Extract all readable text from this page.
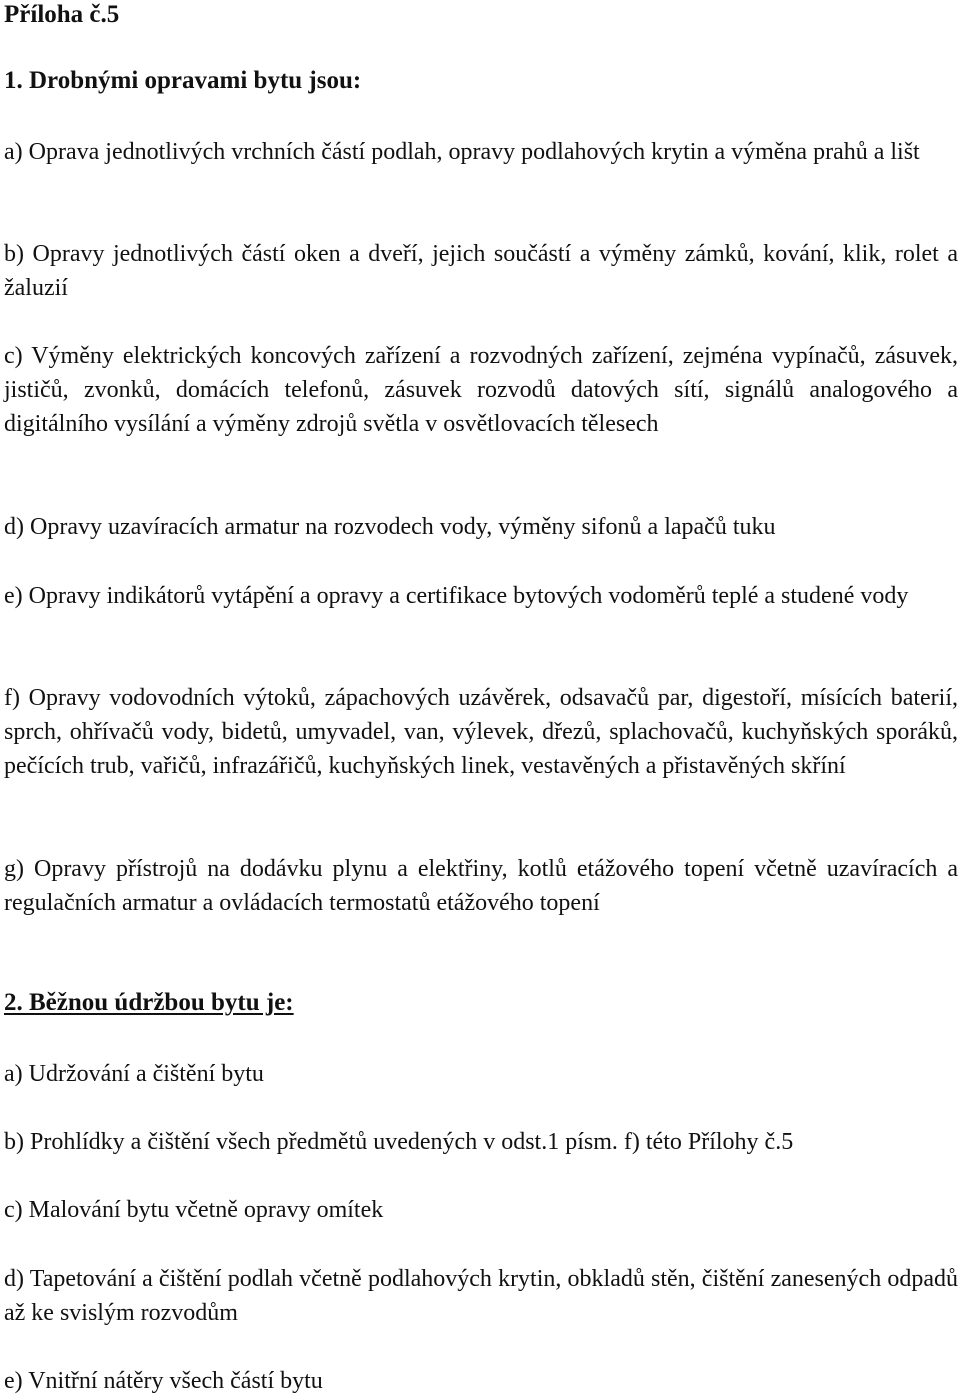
Příloha č.5
1. Drobnými opravami bytu jsou:

a) Oprava jednotlivých vrchních částí podlah, opravy podlahových krytin a výměna prahů a lišt

b) Opravy jednotlivých částí oken a dveří, jejich součástí a výměny zámků, kování, klik, rolet a žaluzií

c) Výměny elektrických koncových zařízení a rozvodných zařízení, zejména vypínačů, zásuvek, jističů, zvonků, domácích telefonů, zásuvek rozvodů datových sítí, signálů analogového a digitálního vysílání a výměny zdrojů světla v osvětlovacích tělesech

d) Opravy uzavíracích armatur na rozvodech vody, výměny sifonů a lapačů tuku

e) Opravy indikátorů vytápění a opravy a certifikace bytových vodoměrů teplé a studené vody

f) Opravy vodovodních výtoků, zápachových uzávěrek, odsavačů par, digestoří, mísících baterií, sprch, ohřívačů vody, bidetů, umyvadel, van, výlevek, dřezů, splachovačů, kuchyňských sporáků, pečících trub, vařičů, infrazářičů, kuchyňských linek, vestavěných a přistavěných skříní

g) Opravy přístrojů na dodávku plynu a elektřiny, kotlů etážového topení včetně uzavíracích a regulačních armatur a ovládacích termostatů etážového topení

2. Běžnou údržbou bytu je:

a) Udržování a čištění bytu

b) Prohlídky a čištění všech předmětů uvedených v odst.1 písm. f) této Přílohy č.5

c) Malování bytu včetně opravy omítek

d) Tapetování a čištění podlah včetně podlahových krytin, obkladů stěn, čištění zanesených odpadů až ke svislým rozvodům

e) Vnitřní nátěry všech částí bytu
